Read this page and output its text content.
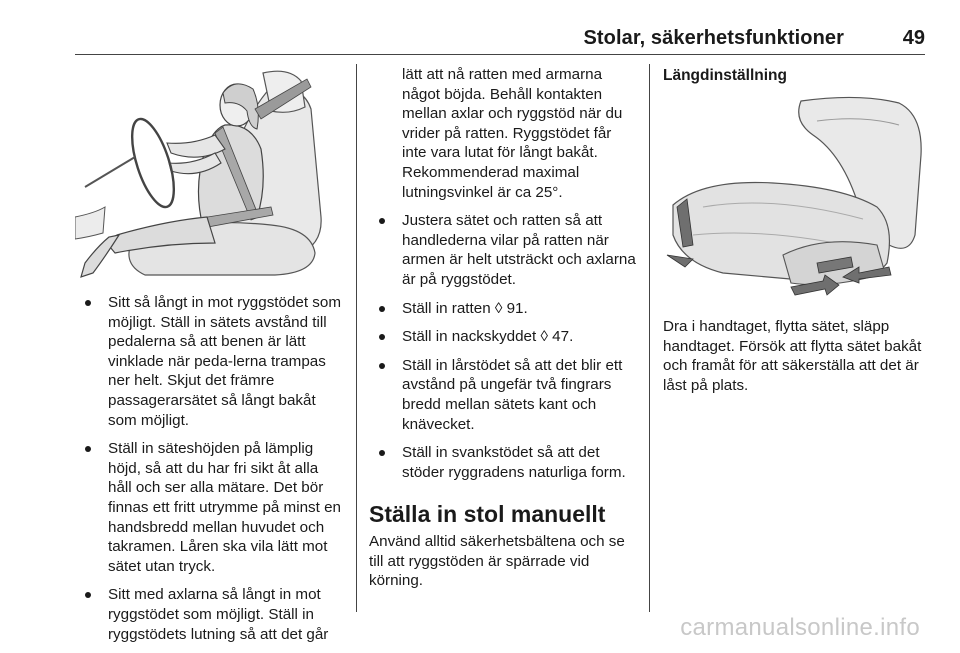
Stolar, säkerhetsfunktioner	49
Sitt så långt in mot ryggstödet som möjligt. Ställ in sätets avstånd till pedalerna så att benen är lätt vinklade när peda-lerna trampas ner helt. Skjut det främre passagerarsätet så långt bakåt som möjligt.
Ställ in säteshöjden på lämplig höjd, så att du har fri sikt åt alla håll och ser alla mätare. Det bör finnas ett fritt utrymme på minst en handsbredd mellan huvudet och takramen. Låren ska vila lätt mot sätet utan tryck.
Sitt med axlarna så långt in mot ryggstödet som möjligt. Ställ in ryggstödets lutning så att det går

lätt att nå ratten med armarna något böjda. Behåll kontakten mellan axlar och ryggstöd när du vrider på ratten. Ryggstödet får inte vara lutat för långt bakåt. Rekommenderad maximal lutningsvinkel är ca 25°.

Justera sätet och ratten så att handlederna vilar på ratten när armen är helt utsträckt och axlarna är på ryggstödet.
Ställ in ratten ◊ 91.
Ställ in nackskyddet ◊ 47.
Ställ in lårstödet så att det blir ett avstånd på ungefär två fingrars bredd mellan sätets kant och knävecket.
Ställ in svankstödet så att det stöder ryggradens naturliga form.
Ställa in stol manuellt

Använd alltid säkerhetsbältena och se till att ryggstöden är spärrade vid körning.

Längdinställning

Dra i handtaget, flytta sätet, släpp handtaget. Försök att flytta sätet bakåt och framåt för att säkerställa att det är låst på plats.

carmanualsonline.info
